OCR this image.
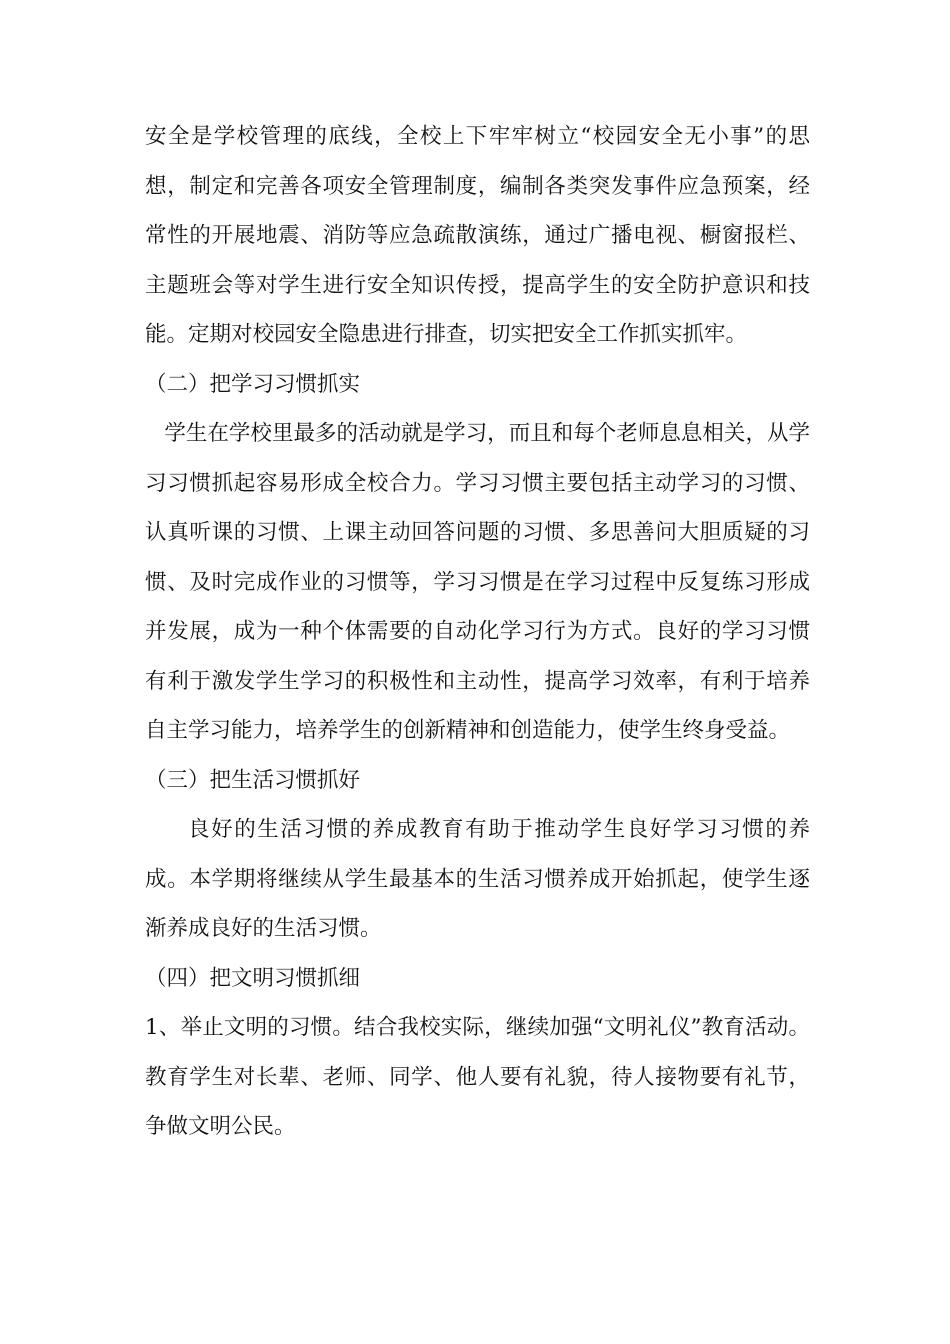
安全是学校管理的底线，全校上下牢牢树立“校园安全无小事”的思想，制定和完善各项安全管理制度，编制各类突发事件应急预案，经常性的开展地震、消防等应急疏散演练，通过广播电视、橱窗报栏、主题班会等对学生进行安全知识传授，提高学生的安全防护意识和技能。定期对校园安全隐患进行排查，切实把安全工作抓实抓牢。

（二）把学习习惯抓实

学生在学校里最多的活动就是学习，而且和每个老师息息相关，从学习习惯抓起容易形成全校合力。学习习惯主要包括主动学习的习惯、认真听课的习惯、上课主动回答问题的习惯、多思善问大胆质疑的习惯、及时完成作业的习惯等，学习习惯是在学习过程中反复练习形成并发展，成为一种个体需要的自动化学习行为方式。良好的学习习惯有利于激发学生学习的积极性和主动性，提高学习效率，有利于培养自主学习能力，培养学生的创新精神和创造能力，使学生终身受益。

（三）把生活习惯抓好

良好的生活习惯的养成教育有助于推动学生良好学习习惯的养成。本学期将继续从学生最基本的生活习惯养成开始抓起，使学生逐渐养成良好的生活习惯。

（四）把文明习惯抓细

1、举止文明的习惯。结合我校实际，继续加强“文明礼仪”教育活动。教育学生对长辈、老师、同学、他人要有礼貌，待人接物要有礼节，争做文明公民。
